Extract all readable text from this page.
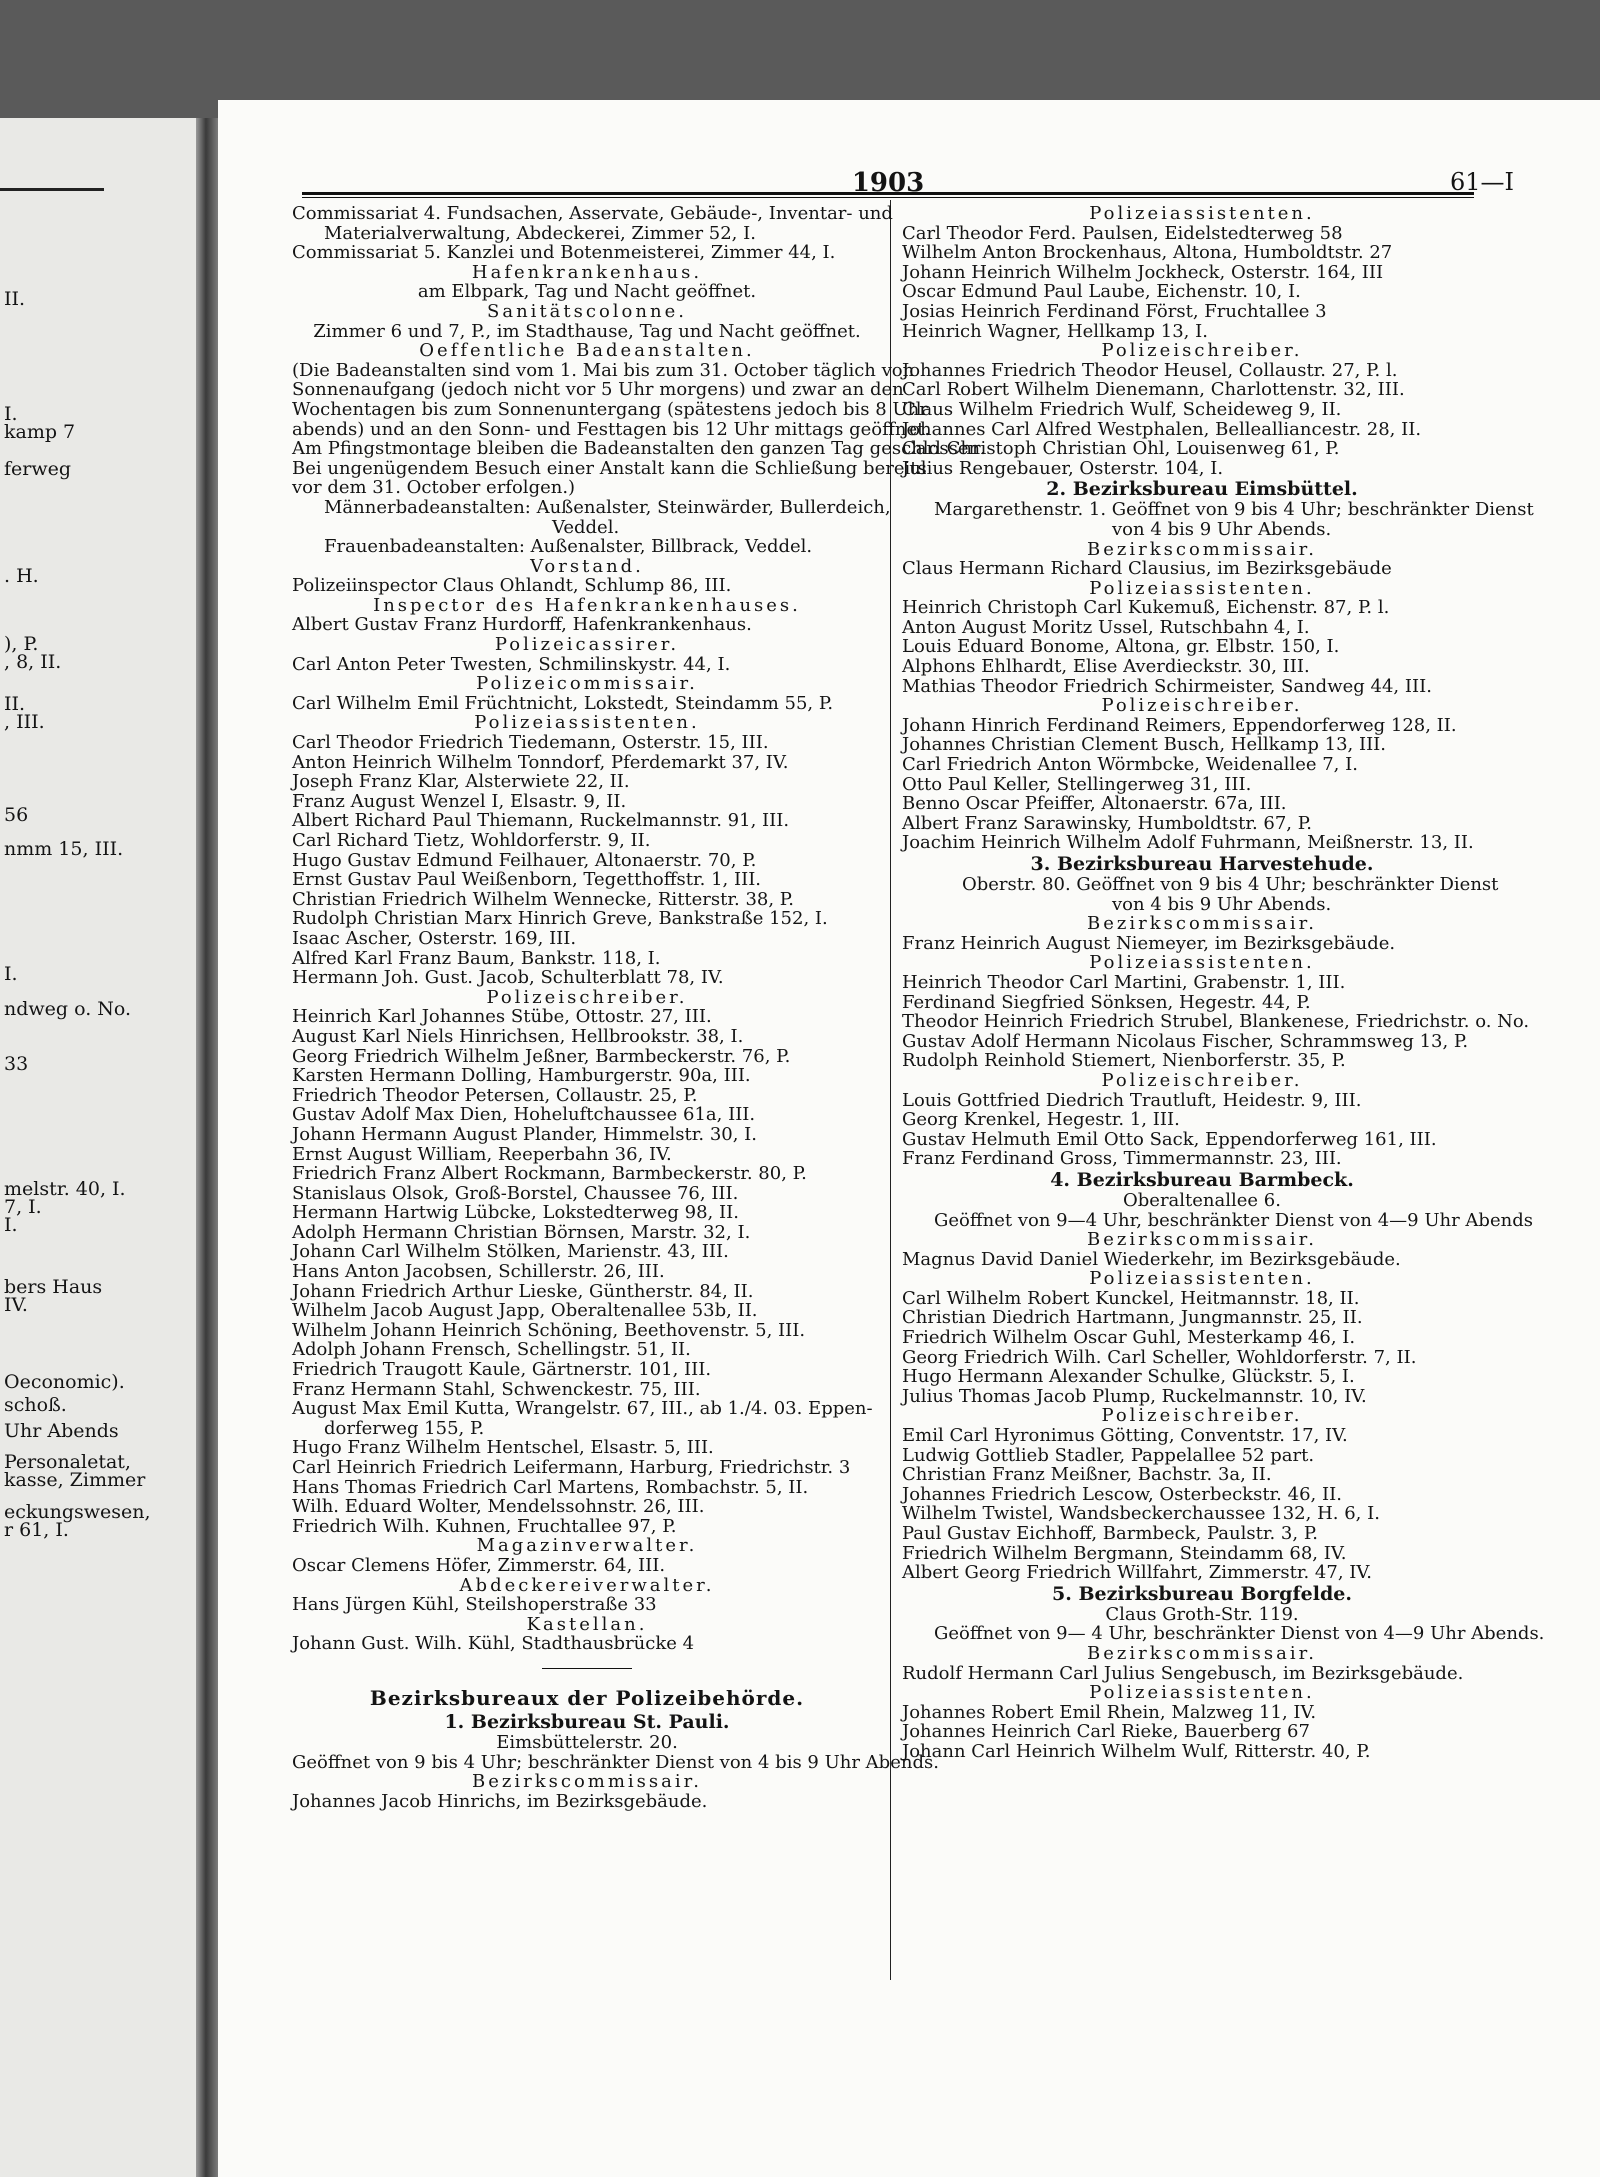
II.
I.
kamp 7
ferweg
. H.
), P.
, 8, II.
II.
, III.
56
nmm 15, III.
I.
ndweg o. No.
33
melstr. 40, I.
7, I.
I.
bers Haus
IV.
Oeconomic).
schoß.
Uhr Abends
Personaletat,
kasse, Zimmer
eckungswesen,
r 61, I.
1903	61—I
Commissariat 4. Fundsachen, Asservate, Gebäude-, Inventar- und
Materialverwaltung, Abdeckerei, Zimmer 52, I.
Commissariat 5. Kanzlei und Botenmeisterei, Zimmer 44, I.
Hafenkrankenhaus.
am Elbpark, Tag und Nacht geöffnet.
Sanitätscolonne.
Zimmer 6 und 7, P., im Stadthause, Tag und Nacht geöffnet.
Oeffentliche Badeanstalten.
(Die Badeanstalten sind vom 1. Mai bis zum 31. October täglich von
Sonnenaufgang (jedoch nicht vor 5 Uhr morgens) und zwar an den
Wochentagen bis zum Sonnenuntergang (spätestens jedoch bis 8 Uhr
abends) und an den Sonn- und Festtagen bis 12 Uhr mittags geöffnet.
Am Pfingstmontage bleiben die Badeanstalten den ganzen Tag geschlossen.
Bei ungenügendem Besuch einer Anstalt kann die Schließung bereits
vor dem 31. October erfolgen.)
Männerbadeanstalten: Außenalster, Steinwärder, Bullerdeich,
Veddel.
Frauenbadeanstalten: Außenalster, Billbrack, Veddel.
Vorstand.
Polizeiinspector Claus Ohlandt, Schlump 86, III.
Inspector des Hafenkrankenhauses.
Albert Gustav Franz Hurdorff, Hafenkrankenhaus.
Polizeicassirer.
Carl Anton Peter Twesten, Schmilinskystr. 44, I.
Polizeicommissair.
Carl Wilhelm Emil Früchtnicht, Lokstedt, Steindamm 55, P.
Polizeiassistenten.
Carl Theodor Friedrich Tiedemann, Osterstr. 15, III.
Anton Heinrich Wilhelm Tonndorf, Pferdemarkt 37, IV.
Joseph Franz Klar, Alsterwiete 22, II.
Franz August Wenzel I, Elsastr. 9, II.
Albert Richard Paul Thiemann, Ruckelmannstr. 91, III.
Carl Richard Tietz, Wohldorferstr. 9, II.
Hugo Gustav Edmund Feilhauer, Altonaerstr. 70, P.
Ernst Gustav Paul Weißenborn, Tegetthoffstr. 1, III.
Christian Friedrich Wilhelm Wennecke, Ritterstr. 38, P.
Rudolph Christian Marx Hinrich Greve, Bankstraße 152, I.
Isaac Ascher, Osterstr. 169, III.
Alfred Karl Franz Baum, Bankstr. 118, I.
Hermann Joh. Gust. Jacob, Schulterblatt 78, IV.
Polizeischreiber.
Heinrich Karl Johannes Stübe, Ottostr. 27, III.
August Karl Niels Hinrichsen, Hellbrookstr. 38, I.
Georg Friedrich Wilhelm Jeßner, Barmbeckerstr. 76, P.
Karsten Hermann Dolling, Hamburgerstr. 90a, III.
Friedrich Theodor Petersen, Collaustr. 25, P.
Gustav Adolf Max Dien, Hoheluftchaussee 61a, III.
Johann Hermann August Plander, Himmelstr. 30, I.
Ernst August William, Reeperbahn 36, IV.
Friedrich Franz Albert Rockmann, Barmbeckerstr. 80, P.
Stanislaus Olsok, Groß-Borstel, Chaussee 76, III.
Hermann Hartwig Lübcke, Lokstedterweg 98, II.
Adolph Hermann Christian Börnsen, Marstr. 32, I.
Johann Carl Wilhelm Stölken, Marienstr. 43, III.
Hans Anton Jacobsen, Schillerstr. 26, III.
Johann Friedrich Arthur Lieske, Güntherstr. 84, II.
Wilhelm Jacob August Japp, Oberaltenallee 53b, II.
Wilhelm Johann Heinrich Schöning, Beethovenstr. 5, III.
Adolph Johann Frensch, Schellingstr. 51, II.
Friedrich Traugott Kaule, Gärtnerstr. 101, III.
Franz Hermann Stahl, Schwenckestr. 75, III.
August Max Emil Kutta, Wrangelstr. 67, III., ab 1./4. 03. Eppen-
dorferweg 155, P.
Hugo Franz Wilhelm Hentschel, Elsastr. 5, III.
Carl Heinrich Friedrich Leifermann, Harburg, Friedrichstr. 3
Hans Thomas Friedrich Carl Martens, Rombachstr. 5, II.
Wilh. Eduard Wolter, Mendelssohnstr. 26, III.
Friedrich Wilh. Kuhnen, Fruchtallee 97, P.
Magazinverwalter.
Oscar Clemens Höfer, Zimmerstr. 64, III.
Abdeckereiverwalter.
Hans Jürgen Kühl, Steilshoperstraße 33
Kastellan.
Johann Gust. Wilh. Kühl, Stadthausbrücke 4
Bezirksbureaux der Polizeibehörde.
1. Bezirksbureau St. Pauli.
Eimsbüttelerstr. 20.
Geöffnet von 9 bis 4 Uhr; beschränkter Dienst von 4 bis 9 Uhr Abends.
Bezirkscommissair.
Johannes Jacob Hinrichs, im Bezirksgebäude.
Polizeiassistenten.
Carl Theodor Ferd. Paulsen, Eidelstedterweg 58
Wilhelm Anton Brockenhaus, Altona, Humboldtstr. 27
Johann Heinrich Wilhelm Jockheck, Osterstr. 164, III
Oscar Edmund Paul Laube, Eichenstr. 10, I.
Josias Heinrich Ferdinand Först, Fruchtallee 3
Heinrich Wagner, Hellkamp 13, I.
Polizeischreiber.
Johannes Friedrich Theodor Heusel, Collaustr. 27, P. l.
Carl Robert Wilhelm Dienemann, Charlottenstr. 32, III.
Claus Wilhelm Friedrich Wulf, Scheideweg 9, II.
Johannes Carl Alfred Westphalen, Bellealliancestr. 28, II.
Carl Christoph Christian Ohl, Louisenweg 61, P.
Julius Rengebauer, Osterstr. 104, I.
2. Bezirksbureau Eimsbüttel.
Margarethenstr. 1. Geöffnet von 9 bis 4 Uhr; beschränkter Dienst
von 4 bis 9 Uhr Abends.
Bezirkscommissair.
Claus Hermann Richard Clausius, im Bezirksgebäude
Polizeiassistenten.
Heinrich Christoph Carl Kukemuß, Eichenstr. 87, P. l.
Anton August Moritz Ussel, Rutschbahn 4, I.
Louis Eduard Bonome, Altona, gr. Elbstr. 150, I.
Alphons Ehlhardt, Elise Averdieckstr. 30, III.
Mathias Theodor Friedrich Schirmeister, Sandweg 44, III.
Polizeischreiber.
Johann Hinrich Ferdinand Reimers, Eppendorferweg 128, II.
Johannes Christian Clement Busch, Hellkamp 13, III.
Carl Friedrich Anton Wörmbcke, Weidenallee 7, I.
Otto Paul Keller, Stellingerweg 31, III.
Benno Oscar Pfeiffer, Altonaerstr. 67a, III.
Albert Franz Sarawinsky, Humboldtstr. 67, P.
Joachim Heinrich Wilhelm Adolf Fuhrmann, Meißnerstr. 13, II.
3. Bezirksbureau Harvestehude.
Oberstr. 80. Geöffnet von 9 bis 4 Uhr; beschränkter Dienst
von 4 bis 9 Uhr Abends.
Bezirkscommissair.
Franz Heinrich August Niemeyer, im Bezirksgebäude.
Polizeiassistenten.
Heinrich Theodor Carl Martini, Grabenstr. 1, III.
Ferdinand Siegfried Sönksen, Hegestr. 44, P.
Theodor Heinrich Friedrich Strubel, Blankenese, Friedrichstr. o. No.
Gustav Adolf Hermann Nicolaus Fischer, Schrammsweg 13, P.
Rudolph Reinhold Stiemert, Nienborferstr. 35, P.
Polizeischreiber.
Louis Gottfried Diedrich Trautluft, Heidestr. 9, III.
Georg Krenkel, Hegestr. 1, III.
Gustav Helmuth Emil Otto Sack, Eppendorferweg 161, III.
Franz Ferdinand Gross, Timmermannstr. 23, III.
4. Bezirksbureau Barmbeck.
Oberaltenallee 6.
Geöffnet von 9—4 Uhr, beschränkter Dienst von 4—9 Uhr Abends
Bezirkscommissair.
Magnus David Daniel Wiederkehr, im Bezirksgebäude.
Polizeiassistenten.
Carl Wilhelm Robert Kunckel, Heitmannstr. 18, II.
Christian Diedrich Hartmann, Jungmannstr. 25, II.
Friedrich Wilhelm Oscar Guhl, Mesterkamp 46, I.
Georg Friedrich Wilh. Carl Scheller, Wohldorferstr. 7, II.
Hugo Hermann Alexander Schulke, Glückstr. 5, I.
Julius Thomas Jacob Plump, Ruckelmannstr. 10, IV.
Polizeischreiber.
Emil Carl Hyronimus Götting, Conventstr. 17, IV.
Ludwig Gottlieb Stadler, Pappelallee 52 part.
Christian Franz Meißner, Bachstr. 3a, II.
Johannes Friedrich Lescow, Osterbeckstr. 46, II.
Wilhelm Twistel, Wandsbeckerchaussee 132, H. 6, I.
Paul Gustav Eichhoff, Barmbeck, Paulstr. 3, P.
Friedrich Wilhelm Bergmann, Steindamm 68, IV.
Albert Georg Friedrich Willfahrt, Zimmerstr. 47, IV.
5. Bezirksbureau Borgfelde.
Claus Groth-Str. 119.
Geöffnet von 9— 4 Uhr, beschränkter Dienst von 4—9 Uhr Abends.
Bezirkscommissair.
Rudolf Hermann Carl Julius Sengebusch, im Bezirksgebäude.
Polizeiassistenten.
Johannes Robert Emil Rhein, Malzweg 11, IV.
Johannes Heinrich Carl Rieke, Bauerberg 67
Johann Carl Heinrich Wilhelm Wulf, Ritterstr. 40, P.
